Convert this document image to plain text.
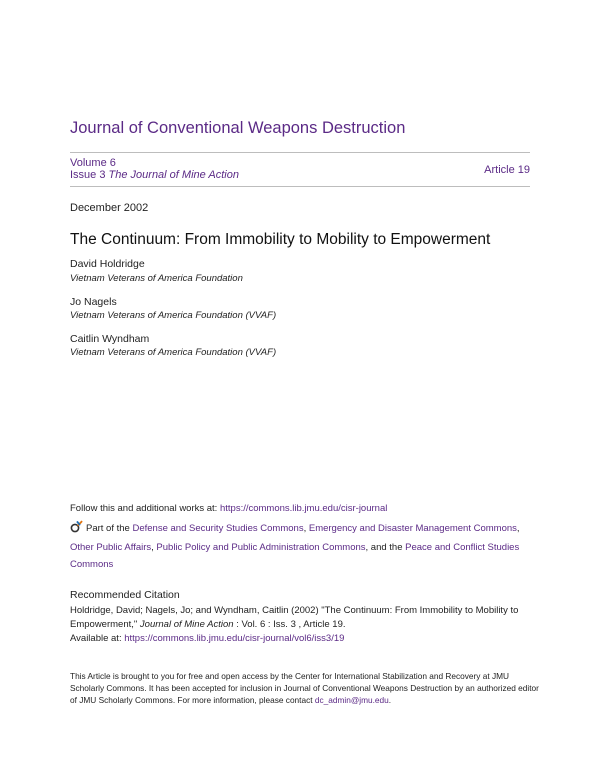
Journal of Conventional Weapons Destruction
Volume 6
Issue 3 The Journal of Mine Action	Article 19
December 2002
The Continuum: From Immobility to Mobility to Empowerment
David Holdridge
Vietnam Veterans of America Foundation
Jo Nagels
Vietnam Veterans of America Foundation (VVAF)
Caitlin Wyndham
Vietnam Veterans of America Foundation (VVAF)
Follow this and additional works at: https://commons.lib.jmu.edu/cisr-journal
Part of the Defense and Security Studies Commons, Emergency and Disaster Management Commons, Other Public Affairs, Public Policy and Public Administration Commons, and the Peace and Conflict Studies Commons
Recommended Citation
Holdridge, David; Nagels, Jo; and Wyndham, Caitlin (2002) "The Continuum: From Immobility to Mobility to Empowerment," Journal of Mine Action : Vol. 6 : Iss. 3 , Article 19.
Available at: https://commons.lib.jmu.edu/cisr-journal/vol6/iss3/19
This Article is brought to you for free and open access by the Center for International Stabilization and Recovery at JMU Scholarly Commons. It has been accepted for inclusion in Journal of Conventional Weapons Destruction by an authorized editor of JMU Scholarly Commons. For more information, please contact dc_admin@jmu.edu.
